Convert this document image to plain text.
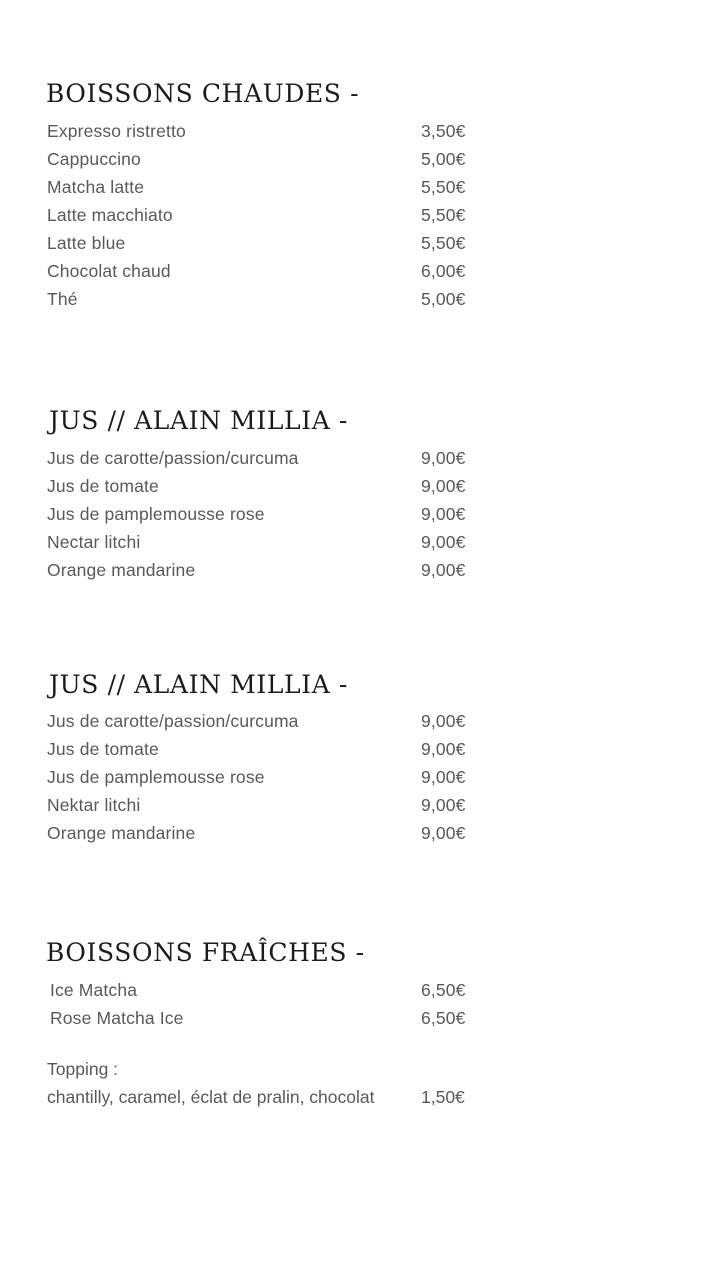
BOISSONS CHAUDES -
Expresso ristretto	3,50€
Cappuccino	5,00€
Matcha latte	5,50€
Latte macchiato	5,50€
Latte blue	5,50€
Chocolat chaud	6,00€
Thé	5,00€
JUS // ALAIN MILLIA -
Jus de carotte/passion/curcuma	9,00€
Jus de tomate	9,00€
Jus de pamplemousse rose	9,00€
Nectar litchi	9,00€
Orange mandarine	9,00€
JUS // ALAIN MILLIA -
Jus de carotte/passion/curcuma	9,00€
Jus de tomate	9,00€
Jus de pamplemousse rose	9,00€
Nektar litchi	9,00€
Orange mandarine	9,00€
BOISSONS FRAÎCHES -
Ice Matcha	6,50€
Rose Matcha Ice	6,50€
Topping :
chantilly, caramel, éclat de pralin, chocolat	1,50€
